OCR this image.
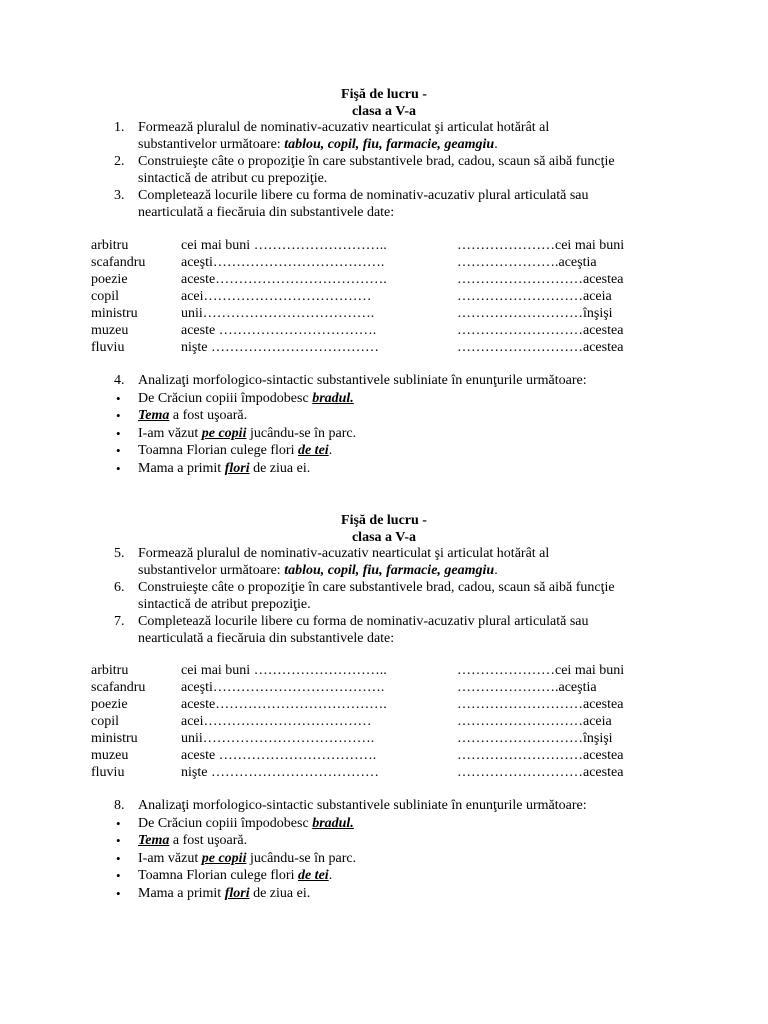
Fişă de lucru -
clasa a V-a
1. Formează pluralul de nominativ-acuzativ nearticulat şi articulat hotărât al
substantivelor următoare: tablou, copil, fiu, farmacie, geamgiu.
2. Construieşte câte o propoziţie în care substantivele brad, cadou, scaun să aibă funcţie
sintactică de atribut cu prepoziţie.
3. Completează locurile libere cu forma de nominativ-acuzativ plural articulată sau
nearticulată a fiecăruia din substantivele date:
arbitru	cei mai buni ………………………..	…………………cei mai buni
scafandru	aceşti……………………………….	………………….aceştia
poezie	aceste……………………………….	………………………acestea
copil	acei………………………………	………………………aceia
ministru	unii……………………………….	………………………înşişi
muzeu	aceste …………………………….	………………………acestea
fluviu	nişte ………………………………	………………………acestea
4. Analizaţi morfologico-sintactic substantivele subliniate în enunţurile următoare:
• De Crăciun copiii împodobesc bradul.
• Tema a fost uşoară.
• I-am văzut pe copii jucându-se în parc.
• Toamna Florian culege flori de tei.
• Mama a primit flori de ziua ei.
Fişă de lucru -
clasa a V-a
5. Formează pluralul de nominativ-acuzativ nearticulat şi articulat hotărât al
substantivelor următoare: tablou, copil, fiu, farmacie, geamgiu.
6. Construieşte câte o propoziţie în care substantivele brad, cadou, scaun să aibă funcţie
sintactică de atribut prepoziţie.
7. Completează locurile libere cu forma de nominativ-acuzativ plural articulată sau
nearticulată a fiecăruia din substantivele date:
arbitru	cei mai buni ………………………..	…………………cei mai buni
scafandru	aceşti……………………………….	………………….aceştia
poezie	aceste……………………………….	………………………acestea
copil	acei………………………………	………………………aceia
ministru	unii……………………………….	………………………înşişi
muzeu	aceste …………………………….	………………………acestea
fluviu	nişte ………………………………	………………………acestea
8. Analizaţi morfologico-sintactic substantivele subliniate în enunţurile următoare:
• De Crăciun copiii împodobesc bradul.
• Tema a fost uşoară.
• I-am văzut pe copii jucându-se în parc.
• Toamna Florian culege flori de tei.
• Mama a primit flori de ziua ei.
